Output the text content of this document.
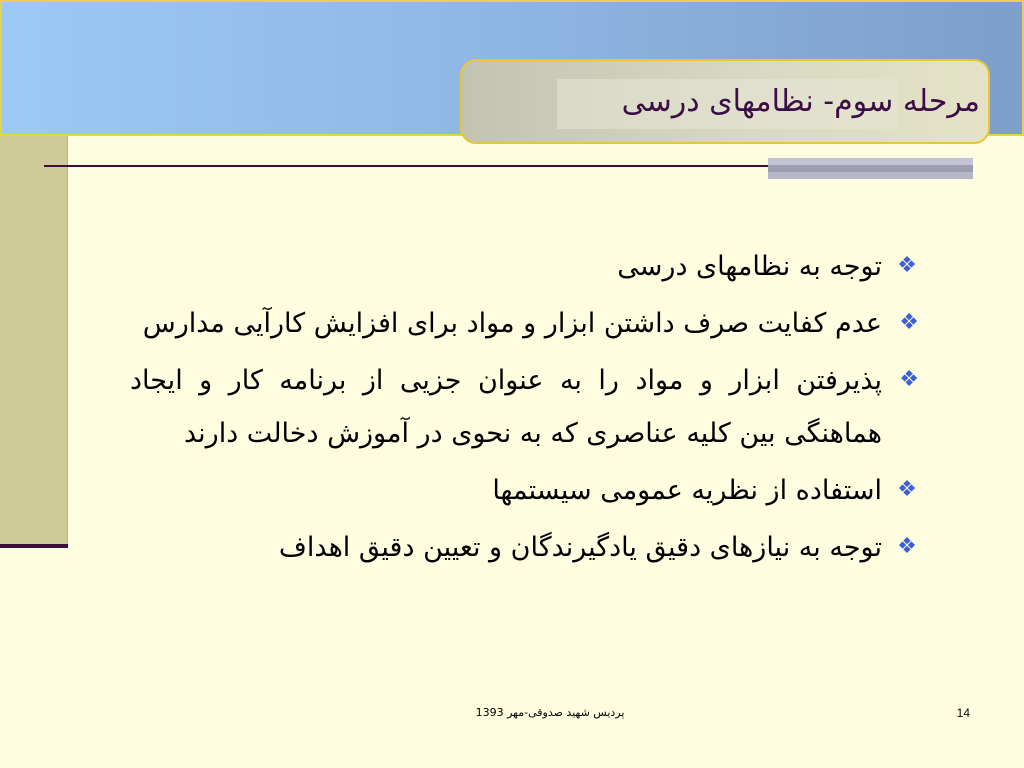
مرحله سوم- نظامهای درسی
❖
توجه به نظامهای درسی
❖
عدم کفایت صرف داشتن ابزار و مواد برای افزایش کارآیی مدارس
❖
پذیرفتن ابزار و مواد را به عنوان جزیی از برنامه کار و ایجاد هماهنگی بین کلیه عناصری که به نحوی در آموزش دخالت دارند
❖
استفاده از نظریه عمومی سیستمها
❖
توجه به نیازهای دقیق یادگیرندگان و تعیین دقیق اهداف
پردیس شهید صدوقی-مهر 1393	14
